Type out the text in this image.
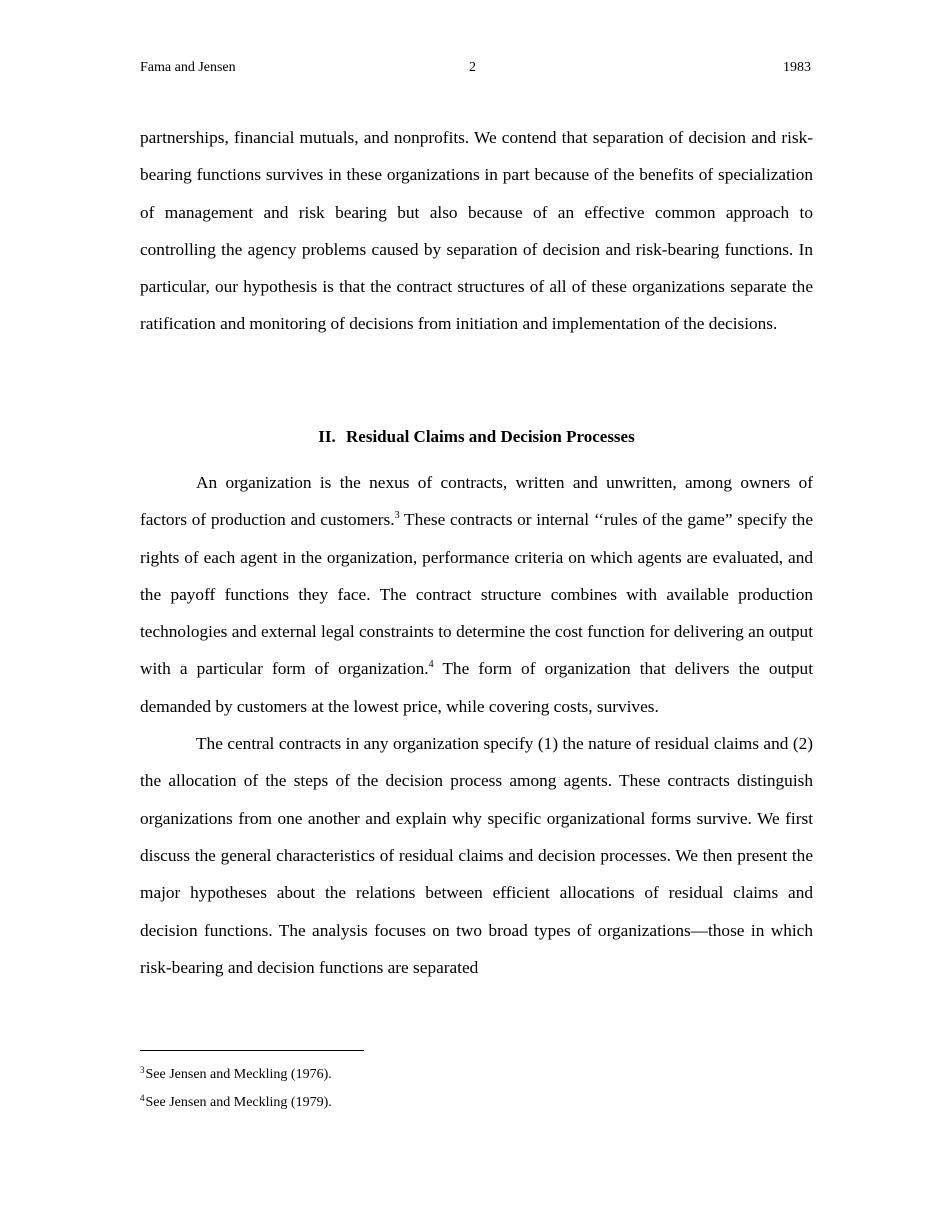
Fama and Jensen	2	1983

partnerships, financial mutuals, and nonprofits. We contend that separation of decision and risk-bearing functions survives in these organizations in part because of the benefits of specialization of management and risk bearing but also because of an effective common approach to controlling the agency problems caused by separation of decision and risk-bearing functions. In particular, our hypothesis is that the contract structures of all of these organizations separate the ratification and monitoring of decisions from initiation and implementation of the decisions.

II. Residual Claims and Decision Processes

An organization is the nexus of contracts, written and unwritten, among owners of factors of production and customers.$^3$ These contracts or internal ‘‘rules of the game” specify the rights of each agent in the organization, performance criteria on which agents are evaluated, and the payoff functions they face. The contract structure combines with available production technologies and external legal constraints to determine the cost function for delivering an output with a particular form of organization.$^4$ The form of organization that delivers the output demanded by customers at the lowest price, while covering costs, survives.

The central contracts in any organization specify (1) the nature of residual claims and (2) the allocation of the steps of the decision process among agents. These contracts distinguish organizations from one another and explain why specific organizational forms survive. We first discuss the general characteristics of residual claims and decision processes. We then present the major hypotheses about the relations between efficient allocations of residual claims and decision functions. The analysis focuses on two broad types of organizations—those in which risk-bearing and decision functions are separated

$^3$See Jensen and Meckling (1976).

$^4$See Jensen and Meckling (1979).
